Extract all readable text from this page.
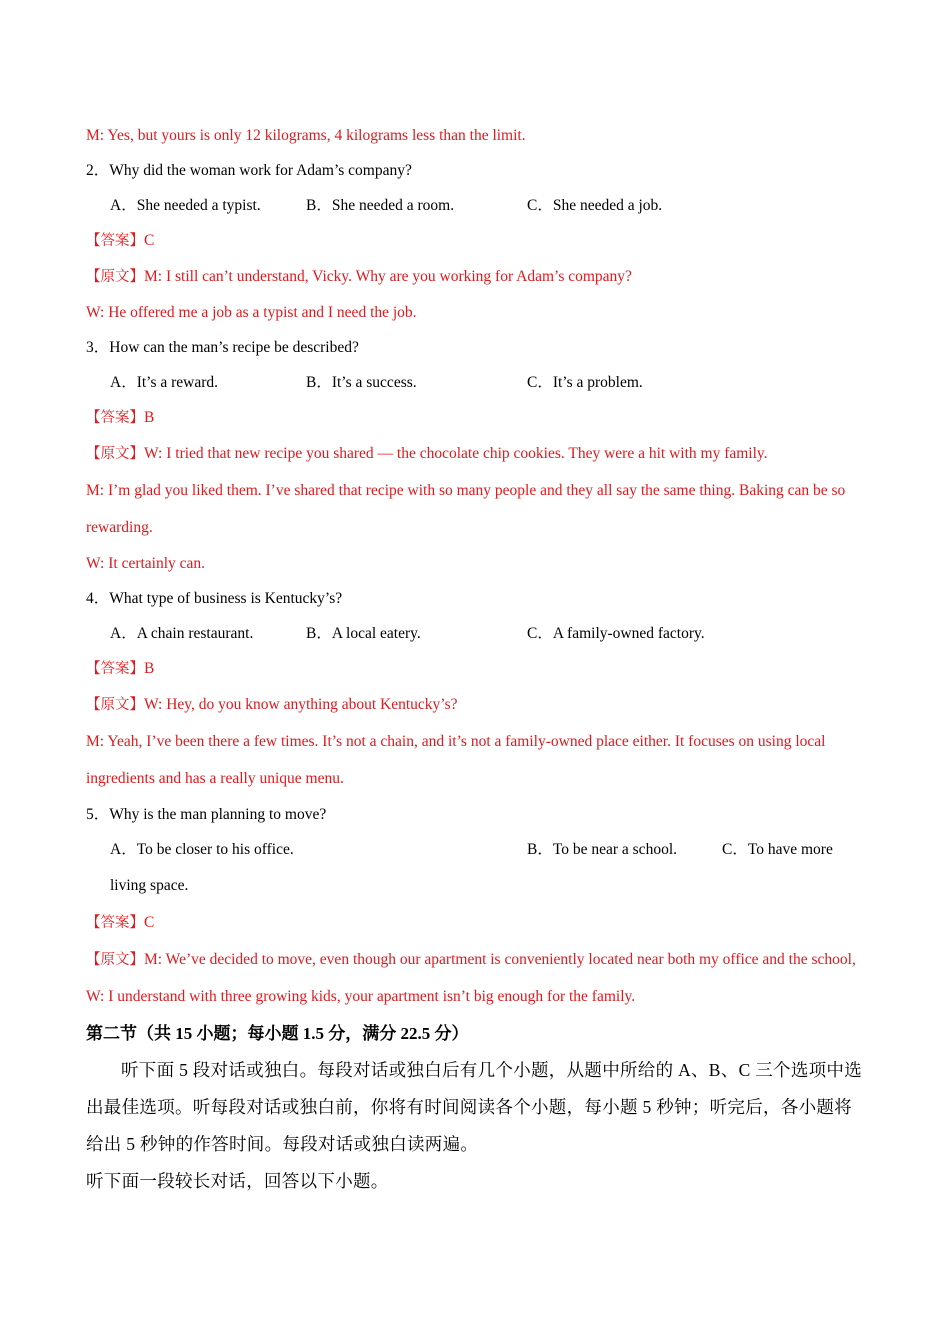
M: Yes, but yours is only 12 kilograms, 4 kilograms less than the limit.
2．Why did the woman work for Adam’s company?
A．She needed a typist.	B．She needed a room.	C．She needed a job.
【答案】C
【原文】M: I still can’t understand, Vicky. Why are you working for Adam’s company?
W: He offered me a job as a typist and I need the job.
3．How can the man’s recipe be described?
A．It’s a reward.	B．It’s a success.	C．It’s a problem.
【答案】B
【原文】W: I tried that new recipe you shared — the chocolate chip cookies. They were a hit with my family.
M: I’m glad you liked them. I’ve shared that recipe with so many people and they all say the same thing. Baking can be so rewarding.
W: It certainly can.
4．What type of business is Kentucky’s?
A．A chain restaurant.	B．A local eatery.	C．A family-owned factory.
【答案】B
【原文】W: Hey, do you know anything about Kentucky’s?
M: Yeah, I’ve been there a few times. It’s not a chain, and it’s not a family-owned place either. It focuses on using local ingredients and has a really unique menu.
5．Why is the man planning to move?
A．To be closer to his office.	B．To be near a school.	C．To have more
living space.
【答案】C
【原文】M: We’ve decided to move, even though our apartment is conveniently located near both my office and the school,
W: I understand with three growing kids, your apartment isn’t big enough for the family.
第二节（共 15 小题；每小题 1.5 分，满分 22.5 分）
听下面 5 段对话或独白。每段对话或独白后有几个小题，从题中所给的 A、B、C 三个选项中选出最佳选项。听每段对话或独白前，你将有时间阅读各个小题，每小题 5 秒钟；听完后，各小题将给出 5 秒钟的作答时间。每段对话或独白读两遍。
听下面一段较长对话，回答以下小题。
